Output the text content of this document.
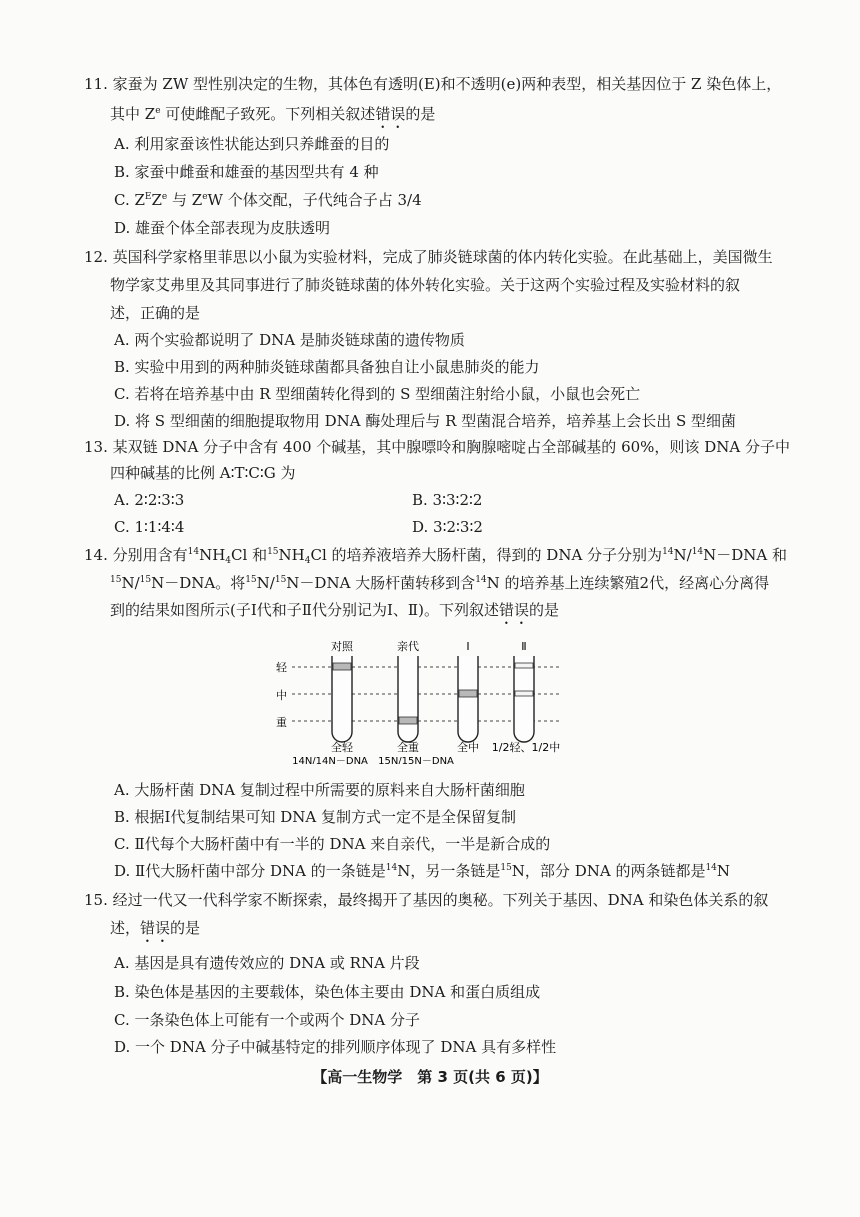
11. 家蚕为 ZW 型性别决定的生物，其体色有透明(E)和不透明(e)两种表型，相关基因位于 Z 染色体上，
其中 $Z^e$ 可使雌配子致死。下列相关叙述错误的是
A. 利用家蚕该性状能达到只养雌蚕的目的
B. 家蚕中雌蚕和雄蚕的基因型共有 4 种
C. $Z^EZ^e$ 与 $Z^eW$ 个体交配，子代纯合子占 3/4
D. 雄蚕个体全部表现为皮肤透明
12. 英国科学家格里菲思以小鼠为实验材料，完成了肺炎链球菌的体内转化实验。在此基础上，美国微生
物学家艾弗里及其同事进行了肺炎链球菌的体外转化实验。关于这两个实验过程及实验材料的叙
述，正确的是
A. 两个实验都说明了 DNA 是肺炎链球菌的遗传物质
B. 实验中用到的两种肺炎链球菌都具备独自让小鼠患肺炎的能力
C. 若将在培养基中由 R 型细菌转化得到的 S 型细菌注射给小鼠，小鼠也会死亡
D. 将 S 型细菌的细胞提取物用 DNA 酶处理后与 R 型菌混合培养，培养基上会长出 S 型细菌
13. 某双链 DNA 分子中含有 400 个碱基，其中腺嘌呤和胸腺嘧啶占全部碱基的 60%，则该 DNA 分子中
四种碱基的比例 A∶T∶C∶G 为
A. 2∶2∶3∶3	B. 3∶3∶2∶2
C. 1∶1∶4∶4	D. 3∶2∶3∶2
14. 分别用含有$^{14}NH_4Cl$ 和$^{15}NH_4Cl$ 的培养液培养大肠杆菌，得到的 DNA 分子分别为$^{14}$N/$^{14}$N－DNA 和
$^{15}$N/$^{15}$N－DNA。将$^{15}$N/$^{15}$N－DNA 大肠杆菌转移到含$^{14}$N 的培养基上连续繁殖2代，经离心分离得
到的结果如图所示(子Ⅰ代和子Ⅱ代分别记为Ⅰ、Ⅱ)。下列叙述错误的是
对照	亲代	Ⅰ	Ⅱ
轻
中
重
全轻	全重	全中 1/2轻、1/2中
14N/14N－DNA 15N/15N－DNA
A. 大肠杆菌 DNA 复制过程中所需要的原料来自大肠杆菌细胞
B. 根据Ⅰ代复制结果可知 DNA 复制方式一定不是全保留复制
C. Ⅱ代每个大肠杆菌中有一半的 DNA 来自亲代，一半是新合成的
D. Ⅱ代大肠杆菌中部分 DNA 的一条链是$^{14}$N，另一条链是$^{15}$N，部分 DNA 的两条链都是$^{14}$N
15. 经过一代又一代科学家不断探索，最终揭开了基因的奥秘。下列关于基因、DNA 和染色体关系的叙
述，错误的是
A. 基因是具有遗传效应的 DNA 或 RNA 片段
B. 染色体是基因的主要载体，染色体主要由 DNA 和蛋白质组成
C. 一条染色体上可能有一个或两个 DNA 分子
D. 一个 DNA 分子中碱基特定的排列顺序体现了 DNA 具有多样性
【高一生物学　第 3 页(共 6 页)】
